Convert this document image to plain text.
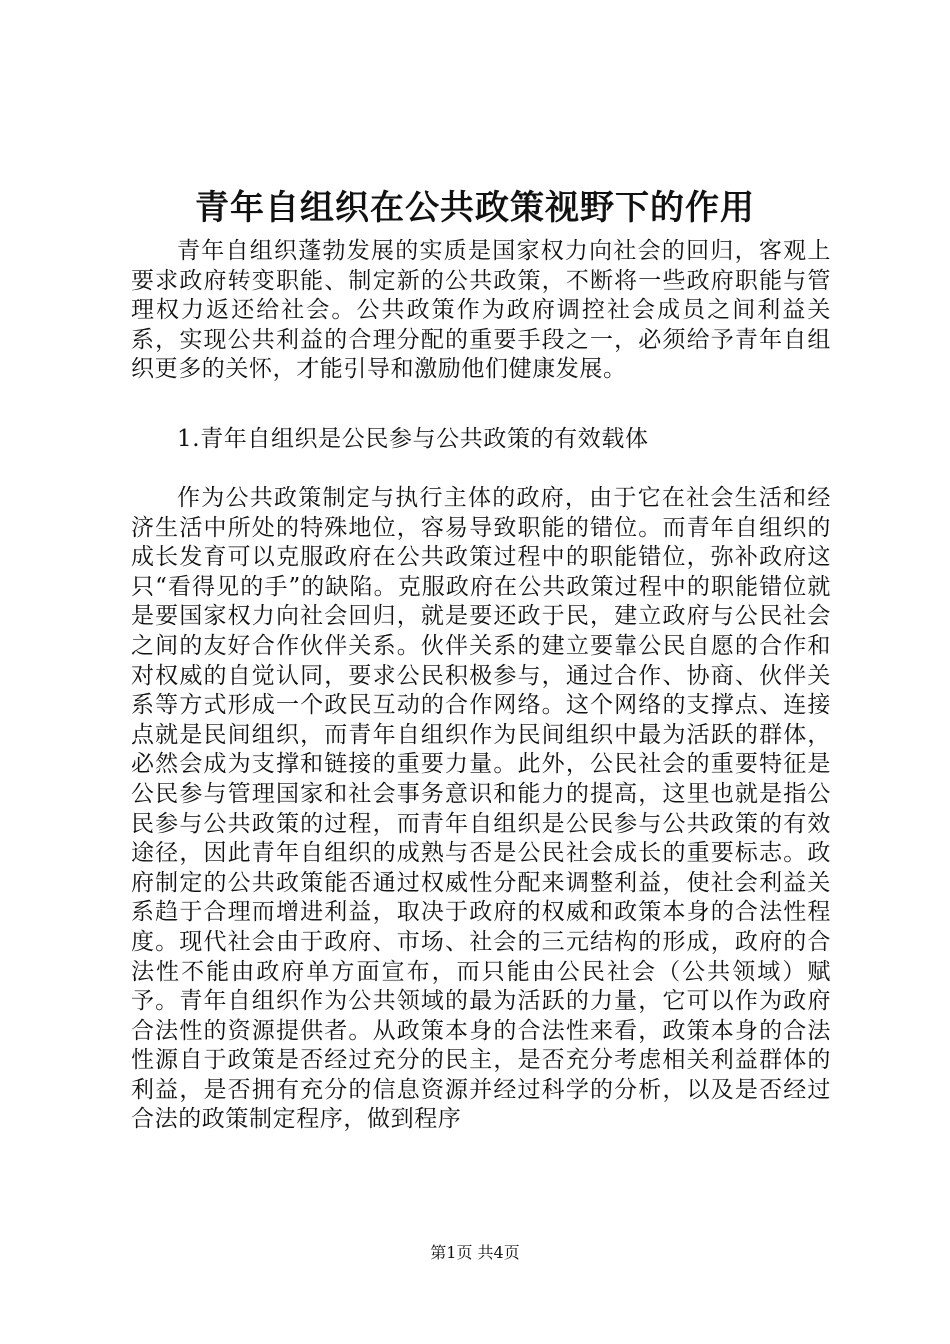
青年自组织在公共政策视野下的作用

青年自组织蓬勃发展的实质是国家权力向社会的回归，客观上要求政府转变职能、制定新的公共政策，不断将一些政府职能与管理权力返还给社会。公共政策作为政府调控社会成员之间利益关系，实现公共利益的合理分配的重要手段之一，必须给予青年自组织更多的关怀，才能引导和激励他们健康发展。

1.青年自组织是公民参与公共政策的有效载体

作为公共政策制定与执行主体的政府，由于它在社会生活和经济生活中所处的特殊地位，容易导致职能的错位。而青年自组织的成长发育可以克服政府在公共政策过程中的职能错位，弥补政府这只“看得见的手”的缺陷。克服政府在公共政策过程中的职能错位就是要国家权力向社会回归，就是要还政于民，建立政府与公民社会之间的友好合作伙伴关系。伙伴关系的建立要靠公民自愿的合作和对权威的自觉认同，要求公民积极参与，通过合作、协商、伙伴关系等方式形成一个政民互动的合作网络。这个网络的支撑点、连接点就是民间组织，而青年自组织作为民间组织中最为活跃的群体，必然会成为支撑和链接的重要力量。此外，公民社会的重要特征是公民参与管理国家和社会事务意识和能力的提高，这里也就是指公民参与公共政策的过程，而青年自组织是公民参与公共政策的有效途径，因此青年自组织的成熟与否是公民社会成长的重要标志。政府制定的公共政策能否通过权威性分配来调整利益，使社会利益关系趋于合理而增进利益，取决于政府的权威和政策本身的合法性程度。现代社会由于政府、市场、社会的三元结构的形成，政府的合法性不能由政府单方面宣布，而只能由公民社会（公共领域）赋予。青年自组织作为公共领域的最为活跃的力量，它可以作为政府合法性的资源提供者。从政策本身的合法性来看，政策本身的合法性源自于政策是否经过充分的民主，是否充分考虑相关利益群体的利益，是否拥有充分的信息资源并经过科学的分析，以及是否经过合法的政策制定程序，做到程序

第1页 共4页
